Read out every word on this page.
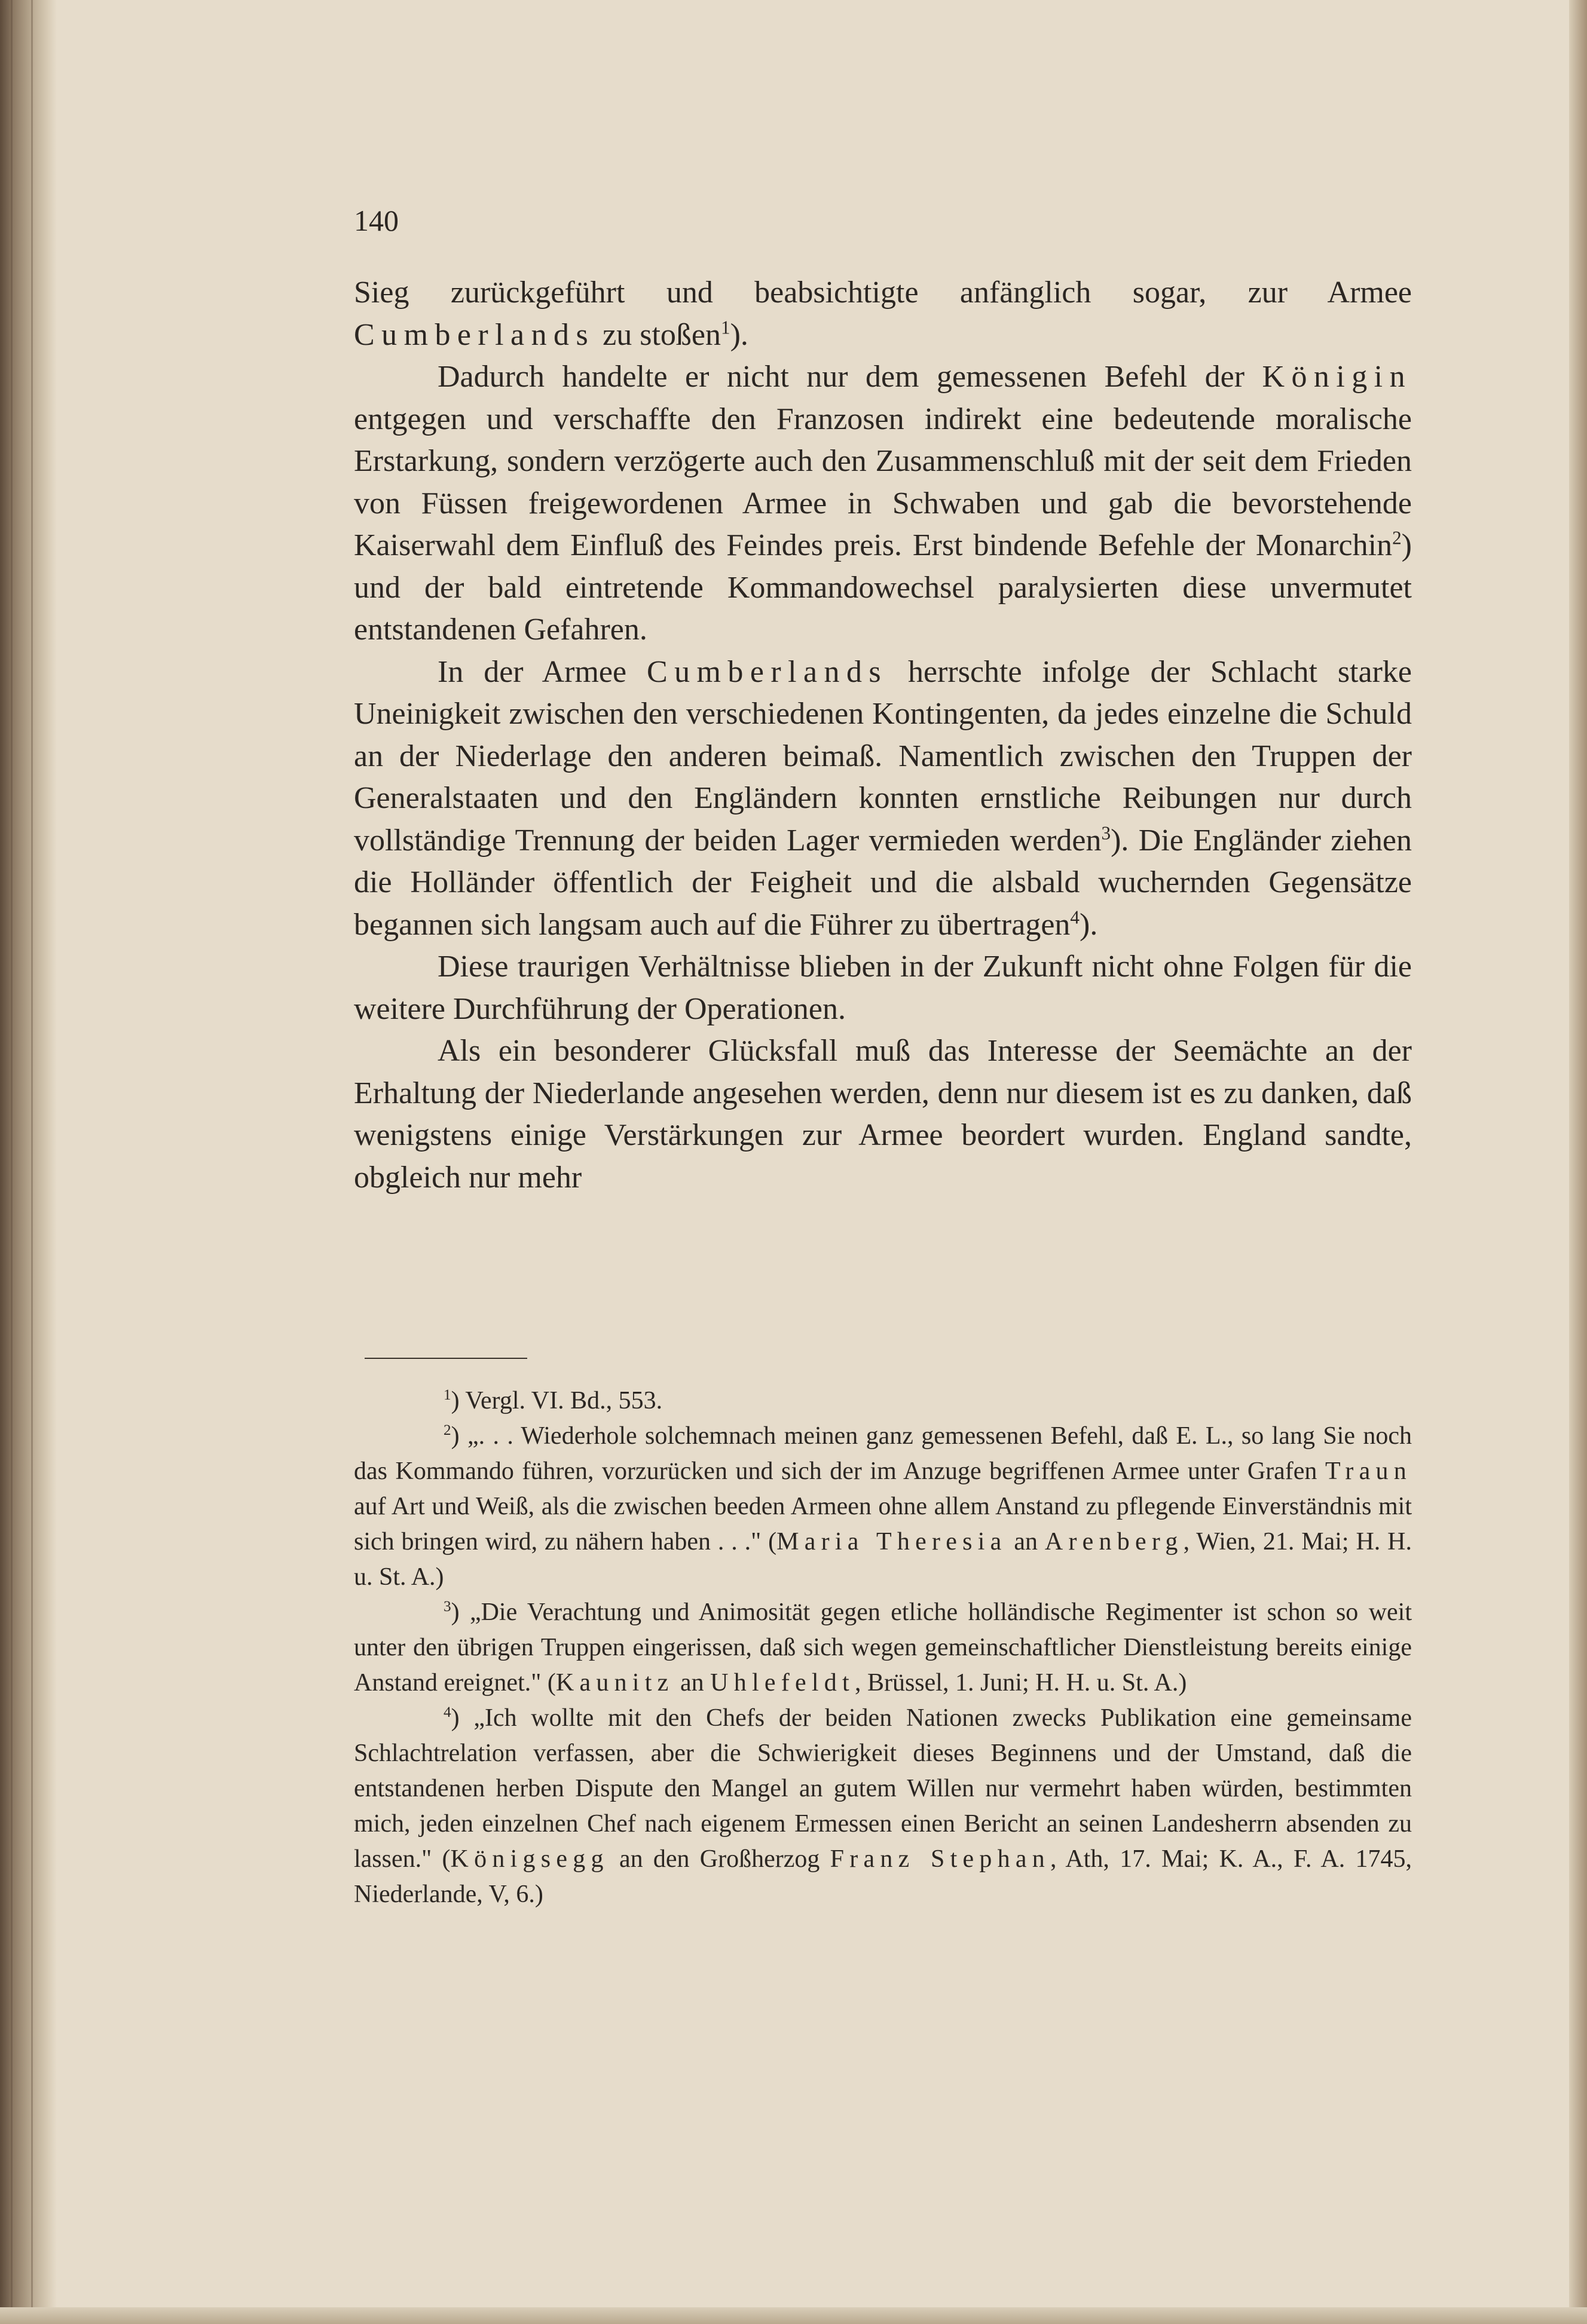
140

Sieg zurückgeführt und beabsichtigte anfänglich sogar, zur Armee Cumberlands zu stoßen$^1$).

Dadurch handelte er nicht nur dem gemessenen Befehl der Königin entgegen und verschaffte den Franzosen indirekt eine bedeutende moralische Erstarkung, sondern verzögerte auch den Zusammenschluß mit der seit dem Frieden von Füssen freigewordenen Armee in Schwaben und gab die bevorstehende Kaiserwahl dem Einfluß des Feindes preis. Erst bindende Befehle der Monarchin$^2$) und der bald eintretende Kommandowechsel paralysierten diese unvermutet entstandenen Gefahren.

In der Armee Cumberlands herrschte infolge der Schlacht starke Uneinigkeit zwischen den verschiedenen Kontingenten, da jedes einzelne die Schuld an der Niederlage den anderen beimaß. Namentlich zwischen den Truppen der Generalstaaten und den Engländern konnten ernstliche Reibungen nur durch vollständige Trennung der beiden Lager vermieden werden$^3$). Die Engländer ziehen die Holländer öffentlich der Feigheit und die alsbald wuchernden Gegensätze begannen sich langsam auch auf die Führer zu übertragen$^4$).

Diese traurigen Verhältnisse blieben in der Zukunft nicht ohne Folgen für die weitere Durchführung der Operationen.

Als ein besonderer Glücksfall muß das Interesse der Seemächte an der Erhaltung der Niederlande angesehen werden, denn nur diesem ist es zu danken, daß wenigstens einige Verstärkungen zur Armee beordert wurden. England sandte, obgleich nur mehr

$^1$) Vergl. VI. Bd., 553.

$^2$) „. . . Wiederhole solchemnach meinen ganz gemessenen Befehl, daß E. L., so lang Sie noch das Kommando führen, vorzurücken und sich der im Anzuge begriffenen Armee unter Grafen Traun auf Art und Weiß, als die zwischen beeden Armeen ohne allem Anstand zu pflegende Einverständnis mit sich bringen wird, zu nähern haben . . ." (Maria Theresia an Arenberg, Wien, 21. Mai; H. H. u. St. A.)

$^3$) „Die Verachtung und Animosität gegen etliche holländische Regimenter ist schon so weit unter den übrigen Truppen eingerissen, daß sich wegen gemeinschaftlicher Dienstleistung bereits einige Anstand ereignet." (Kaunitz an Uhlefeldt, Brüssel, 1. Juni; H. H. u. St. A.)

$^4$) „Ich wollte mit den Chefs der beiden Nationen zwecks Publikation eine gemeinsame Schlachtrelation verfassen, aber die Schwierigkeit dieses Beginnens und der Umstand, daß die entstandenen herben Dispute den Mangel an gutem Willen nur vermehrt haben würden, bestimmten mich, jeden einzelnen Chef nach eigenem Ermessen einen Bericht an seinen Landesherrn absenden zu lassen." (Königsegg an den Großherzog Franz Stephan, Ath, 17. Mai; K. A., F. A. 1745, Niederlande, V, 6.)
